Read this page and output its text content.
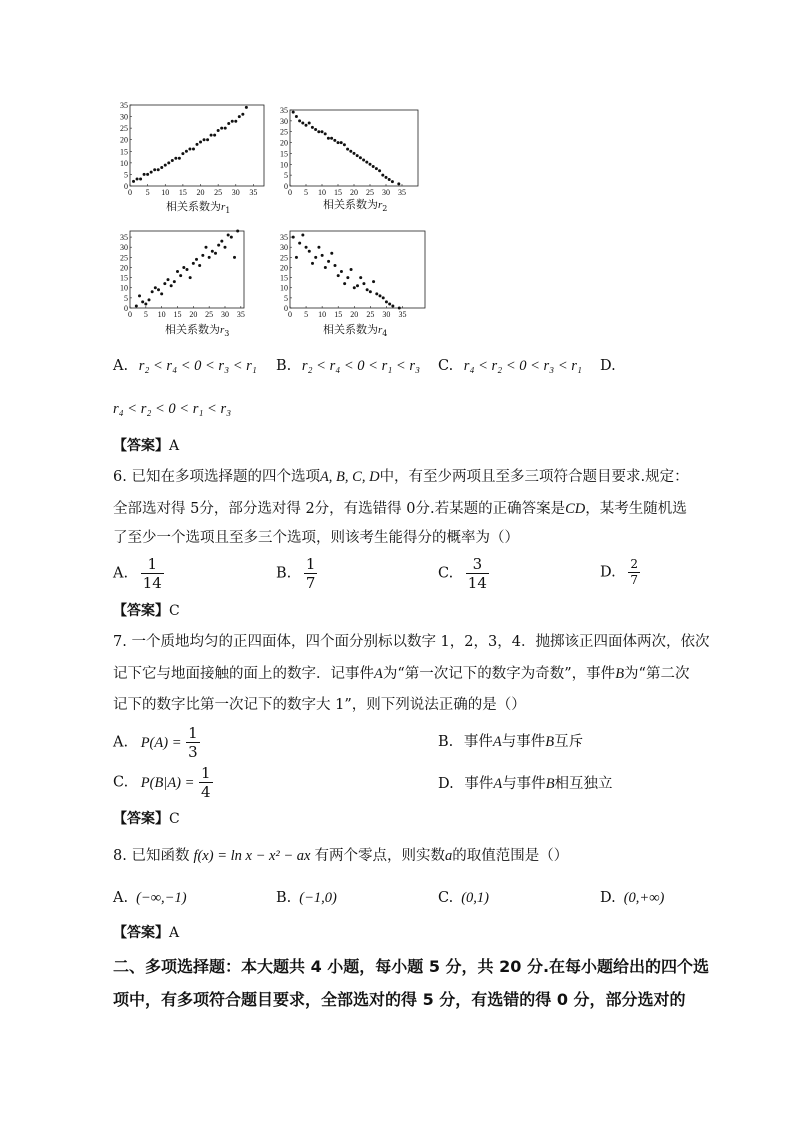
0 5 10 15 20 25 30 35
0
5
10
15
20
25
30
35
相关系数为$r_1$
0 5 10 15 20 25 30 35
0
5
10
15
20
25
30
35
相关系数为$r_2$
0 5 10 15 20 25 30 35
0
5
10
15
20
25
30
35
相关系数为$r_3$
0 5 10 15 20 25 30 35
0
5
10
15
20
25
30
35
相关系数为$r_4$
A. r₂ < r₄ < 0 < r₃ < r₁ B. r₂ < r₄ < 0 < r₁ < r₃ C. r₄ < r₂ < 0 < r₃ < r₁ D.
r₄ < r₂ < 0 < r₁ < r₃
【答案】A
6. 已知在多项选择题的四个选项A, B, C, D中，有至少两项且至多三项符合题目要求.规定：
全部选对得 5分，部分选对得 2分，有选错得 0分.若某题的正确答案是CD，某考生随机选
了至少一个选项且至多三个选项，则该考生能得分的概率为（）
A. $\frac{1}{14}$	B. $\frac{1}{7}$	C. $\frac{3}{14}$	D. $\frac{2}{7}$
【答案】C
7. 一个质地均匀的正四面体，四个面分别标以数字 1，2，3，4．抛掷该正四面体两次，依次
记下它与地面接触的面上的数字．记事件A为“第一次记下的数字为奇数”，事件B为“第二次
记下的数字比第一次记下的数字大 1”，则下列说法正确的是（）
A. $P(A) = \frac{1}{3}$	B. 事件A与事件B互斥
C. $P(B|A) = \frac{1}{4}$	D. 事件A与事件B相互独立
【答案】C
8. 已知函数 f(x) = ln x − x² − ax 有两个零点，则实数a的取值范围是（）
A. (−∞,−1)	B. (−1,0)	C. (0,1)	D. (0,+∞)
【答案】A
二、多项选择题：本大题共 4 小题，每小题 5 分，共 20 分.在每小题给出的四个选
项中，有多项符合题目要求，全部选对的得 5 分，有选错的得 0 分，部分选对的
